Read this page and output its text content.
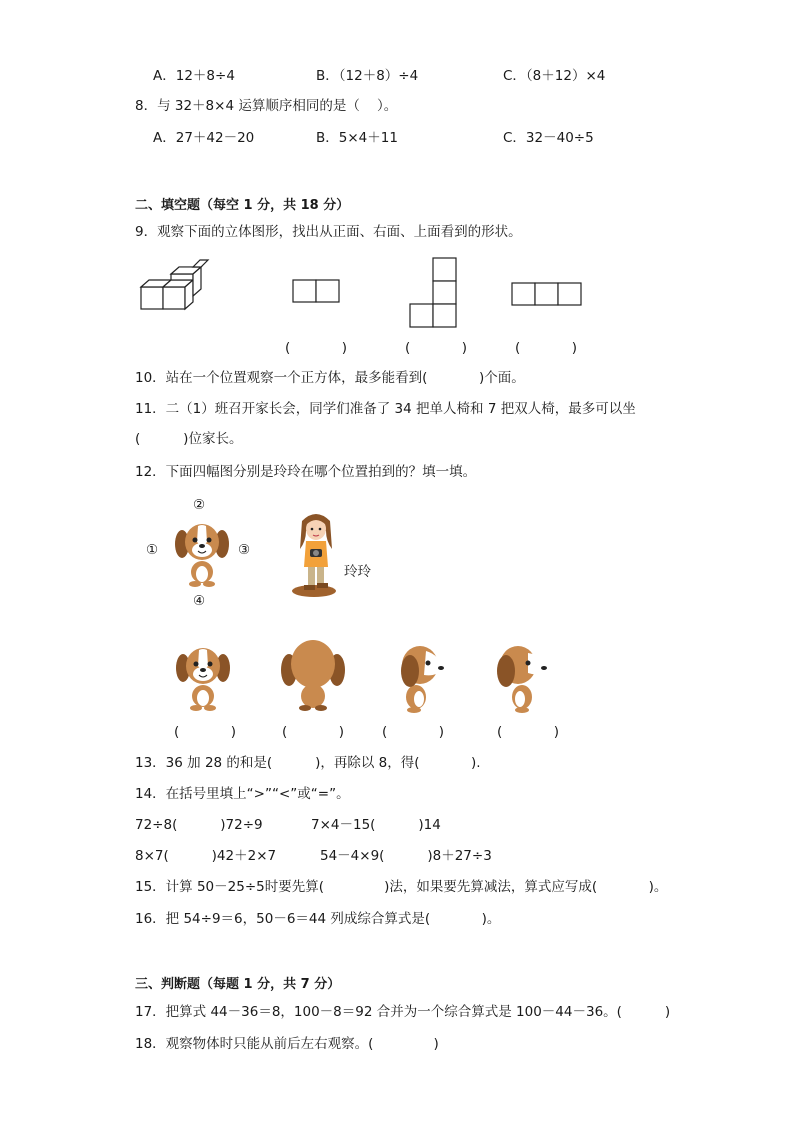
A．12＋8÷4	B．（12＋8）÷4	C．（8＋12）×4
8．与 32＋8×4 运算顺序相同的是（    ）。
A．27＋42－20	B．5×4＋11	C．32－40÷5
二、填空题（每空 1 分，共 18 分）
9．观察下面的立体图形，找出从正面、右面、上面看到的形状。
(            )	(            )	(            )
10．站在一个位置观察一个正方体，最多能看到(            )个面。
11．二（1）班召开家长会，同学们准备了 34 把单人椅和 7 把双人椅，最多可以坐
(          )位家长。
12．下面四幅图分别是玲玲在哪个位置拍到的？填一填。
②
①	③
④
玲玲
(            )	(            )	(            )	(            )
13．36 加 28 的和是(          )，再除以 8，得(            ).
14．在括号里填上“>”“<”或“=”。
72÷8(          )72÷9	7×4－15(          )14
8×7(          )42＋2×7	54－4×9(          )8＋27÷3
15．计算 50－25÷5时要先算(              )法，如果要先算减法，算式应写成(            )。
16．把 54÷9＝6，50－6＝44 列成综合算式是(            )。
三、判断题（每题 1 分，共 7 分）
17．把算式 44－36＝8，100－8＝92 合并为一个综合算式是 100－44－36。(          )
18．观察物体时只能从前后左右观察。(              )
